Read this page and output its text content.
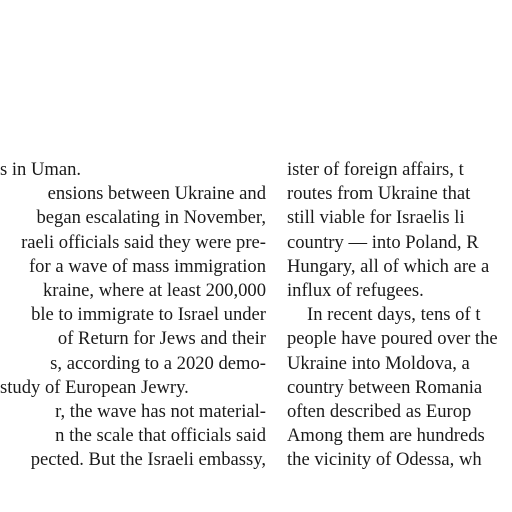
s in Uman.
ensions between Ukraine and
began escalating in November,
raeli officials said they were pre-
for a wave of mass immigration
kraine, where at least 200,000
ble to immigrate to Israel under
of Return for Jews and their
s, according to a 2020 demo-
study of European Jewry.
r, the wave has not material-
n the scale that officials said
pected. But the Israeli embassy,
ister of foreign affairs, t
routes from Ukraine that
still viable for Israelis li
country — into Poland, R
Hungary, all of which are a
influx of refugees.
In recent days, tens of t
people have poured over the
Ukraine into Moldova, a
country between Romania
often described as Europ
Among them are hundreds
the vicinity of Odessa, wh
